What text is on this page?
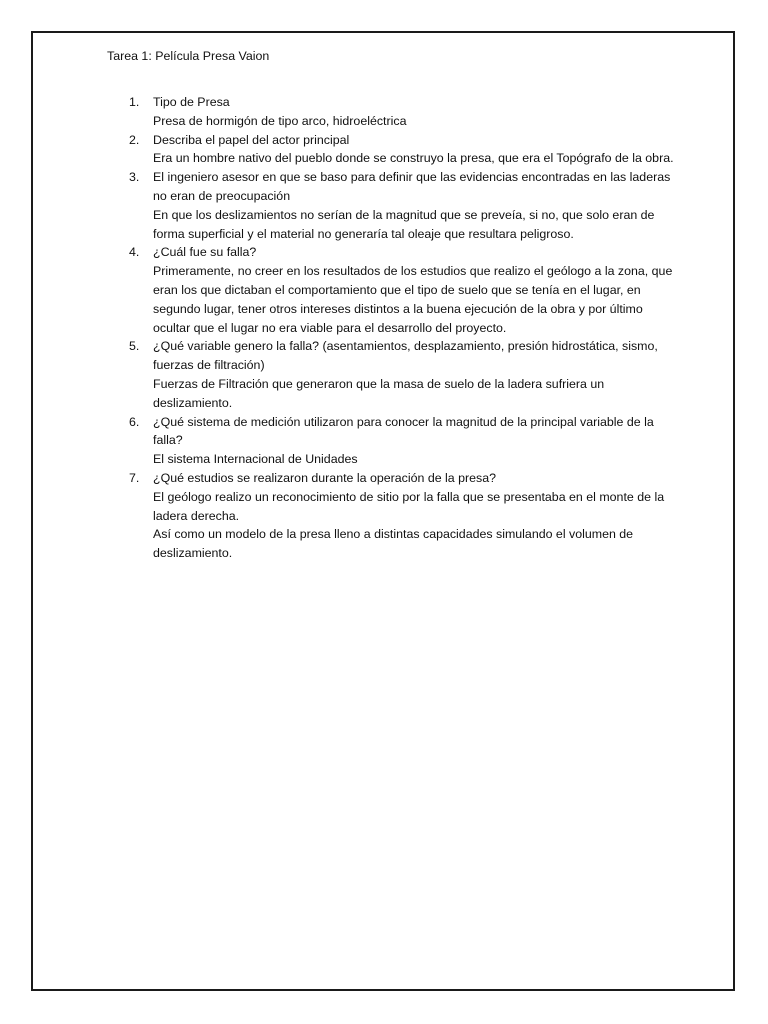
Tarea 1: Película Presa Vaion
1.	Tipo de Presa
Presa de hormigón de tipo arco, hidroeléctrica
2.	Describa el papel del actor principal
Era un hombre nativo del pueblo donde se construyo la presa, que era el Topógrafo de la obra.
3.	El ingeniero asesor en que se baso para definir que las evidencias encontradas en las laderas no eran de preocupación
En que los deslizamientos no serían de la magnitud que se preveía, si no, que solo eran de forma superficial y el material no generaría tal oleaje que resultara peligroso.
4.	¿Cuál fue su falla?
Primeramente, no creer en los resultados de los estudios que realizo el geólogo a la zona, que eran los que dictaban el comportamiento que el tipo de suelo que se tenía en el lugar, en segundo lugar, tener otros intereses distintos a la buena ejecución de la obra y por último ocultar que el lugar no era viable para el desarrollo del proyecto.
5.	¿Qué variable genero la falla? (asentamientos, desplazamiento, presión hidrostática, sismo, fuerzas de filtración)
Fuerzas de Filtración que generaron que la masa de suelo de la ladera sufriera un deslizamiento.
6.	¿Qué sistema de medición utilizaron para conocer la magnitud de la principal variable de la falla?
El sistema Internacional de Unidades
7.	¿Qué estudios se realizaron durante la operación de la presa?
El geólogo realizo un reconocimiento de sitio por la falla que se presentaba en el monte de la ladera derecha.
Así como un modelo de la presa lleno a distintas capacidades simulando el volumen de deslizamiento.
